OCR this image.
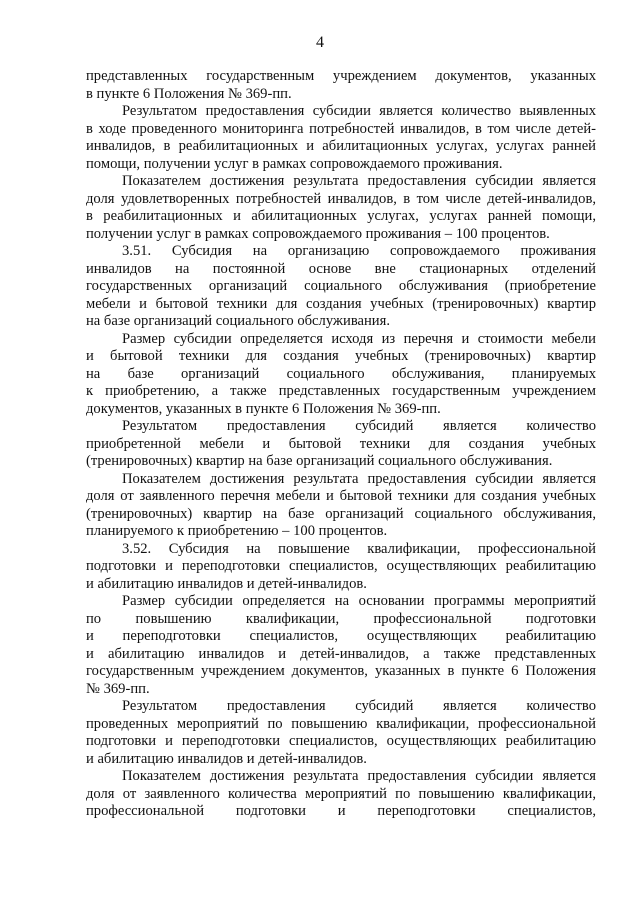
4
представленных государственным учреждением документов, указанных
в пункте 6 Положения № 369-пп.
Результатом предоставления субсидии является количество выявленных
в ходе проведенного мониторинга потребностей инвалидов, в том числе детей-
инвалидов, в реабилитационных и абилитационных услугах, услугах ранней
помощи, получении услуг в рамках сопровождаемого проживания.
Показателем достижения результата предоставления субсидии является
доля удовлетворенных потребностей инвалидов, в том числе детей-инвалидов,
в реабилитационных и абилитационных услугах, услугах ранней помощи,
получении услуг в рамках сопровождаемого проживания – 100 процентов.
3.51. Субсидия на организацию сопровождаемого проживания
инвалидов на постоянной основе вне стационарных отделений
государственных организаций социального обслуживания (приобретение
мебели и бытовой техники для создания учебных (тренировочных) квартир
на базе организаций социального обслуживания.
Размер субсидии определяется исходя из перечня и стоимости мебели
и бытовой техники для создания учебных (тренировочных) квартир
на базе организаций социального обслуживания, планируемых
к приобретению, а также представленных государственным учреждением
документов, указанных в пункте 6 Положения № 369-пп.
Результатом предоставления субсидий является количество
приобретенной мебели и бытовой техники для создания учебных
(тренировочных) квартир на базе организаций социального обслуживания.
Показателем достижения результата предоставления субсидии является
доля от заявленного перечня мебели и бытовой техники для создания учебных
(тренировочных) квартир на базе организаций социального обслуживания,
планируемого к приобретению – 100 процентов.
3.52. Субсидия на повышение квалификации, профессиональной
подготовки и переподготовки специалистов, осуществляющих реабилитацию
и абилитацию инвалидов и детей-инвалидов.
Размер субсидии определяется на основании программы мероприятий
по повышению квалификации, профессиональной подготовки
и переподготовки специалистов, осуществляющих реабилитацию
и абилитацию инвалидов и детей-инвалидов, а также представленных
государственным учреждением документов, указанных в пункте 6 Положения
№ 369-пп.
Результатом предоставления субсидий является количество
проведенных мероприятий по повышению квалификации, профессиональной
подготовки и переподготовки специалистов, осуществляющих реабилитацию
и абилитацию инвалидов и детей-инвалидов.
Показателем достижения результата предоставления субсидии является
доля от заявленного количества мероприятий по повышению квалификации,
профессиональной подготовки и переподготовки специалистов,
